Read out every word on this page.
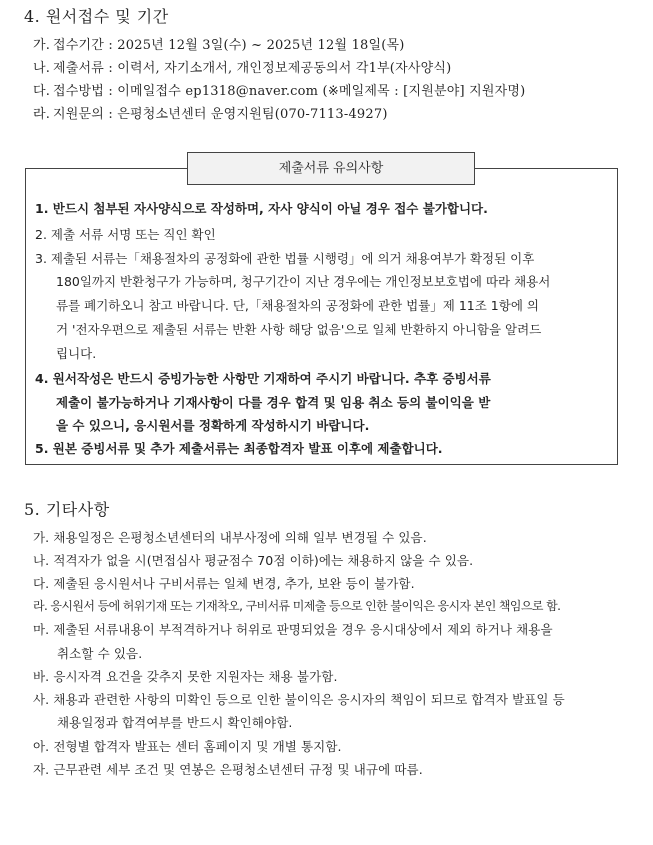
4. 원서접수 및 기간
가. 접수기간 : 2025년 12월 3일(수) ~ 2025년 12월 18일(목)
나. 제출서류 : 이력서, 자기소개서, 개인정보제공동의서 각1부(자사양식)
다. 접수방법 : 이메일접수 ep1318@naver.com (※메일제목 : [지원분야] 지원자명)
라. 지원문의 : 은평청소년센터 운영지원팀(070-7113-4927)
제출서류 유의사항
1. 반드시 첨부된 자사양식으로 작성하며, 자사 양식이 아닐 경우 접수 불가합니다.
2. 제출 서류 서명 또는 직인 확인
3. 제출된 서류는「채용절차의 공정화에 관한 법률 시행령」에 의거 채용여부가 확정된 이후
180일까지 반환청구가 가능하며, 청구기간이 지난 경우에는 개인정보보호법에 따라 채용서
류를 폐기하오니 참고 바랍니다. 단,「채용절차의 공정화에 관한 법률」제 11조 1항에 의
거 '전자우편으로 제출된 서류는 반환 사항 해당 없음'으로 일체 반환하지 아니함을 알려드
립니다.
4. 원서작성은 반드시 증빙가능한 사항만 기재하여 주시기 바랍니다. 추후 증빙서류
제출이 불가능하거나 기재사항이 다를 경우 합격 및 임용 취소 등의 불이익을 받
을 수 있으니, 응시원서를 정확하게 작성하시기 바랍니다.
5. 원본 증빙서류 및 추가 제출서류는 최종합격자 발표 이후에 제출합니다.
5. 기타사항
가. 채용일정은 은평청소년센터의 내부사정에 의해 일부 변경될 수 있음.
나. 적격자가 없을 시(면접심사 평균점수 70점 이하)에는 채용하지 않을 수 있음.
다. 제출된 응시원서나 구비서류는 일체 변경, 추가, 보완 등이 불가함.
라. 응시원서 등에 허위기재 또는 기재착오, 구비서류 미제출 등으로 인한 불이익은 응시자 본인 책임으로 함.
마. 제출된 서류내용이 부적격하거나 허위로 판명되었을 경우 응시대상에서 제외 하거나 채용을
취소할 수 있음.
바. 응시자격 요건을 갖추지 못한 지원자는 채용 불가함.
사. 채용과 관련한 사항의 미확인 등으로 인한 불이익은 응시자의 책임이 되므로 합격자 발표일 등
채용일정과 합격여부를 반드시 확인해야함.
아. 전형별 합격자 발표는 센터 홈페이지 및 개별 통지함.
자. 근무관련 세부 조건 및 연봉은 은평청소년센터 규정 및 내규에 따름.
